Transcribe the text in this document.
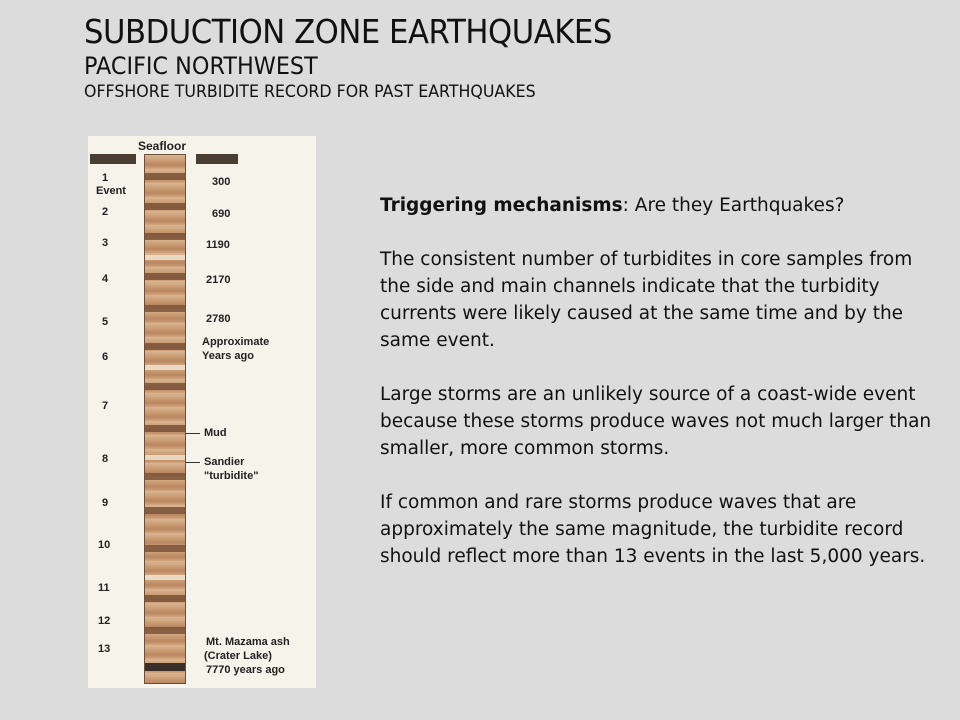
SUBDUCTION ZONE EARTHQUAKES
PACIFIC NORTHWEST
OFFSHORE TURBIDITE RECORD FOR PAST EARTHQUAKES
Seafloor
1
Event
2
3
4
5
6
7
8
9
10
11
12
13
300
690
1190
2170
2780
Approximate
Years ago
Mud
Sandier
"turbidite"
Mt. Mazama ash
(Crater Lake)
7770 years ago

Triggering mechanisms: Are they Earthquakes?

The consistent number of turbidites in core samples from the side and main channels indicate that the turbidity currents were likely caused at the same time and by the same event.

Large storms are an unlikely source of a coast-wide event because these storms produce waves not much larger than smaller, more common storms.

If common and rare storms produce waves that are approximately the same magnitude, the turbidite record should reflect more than 13 events in the last 5,000 years.
